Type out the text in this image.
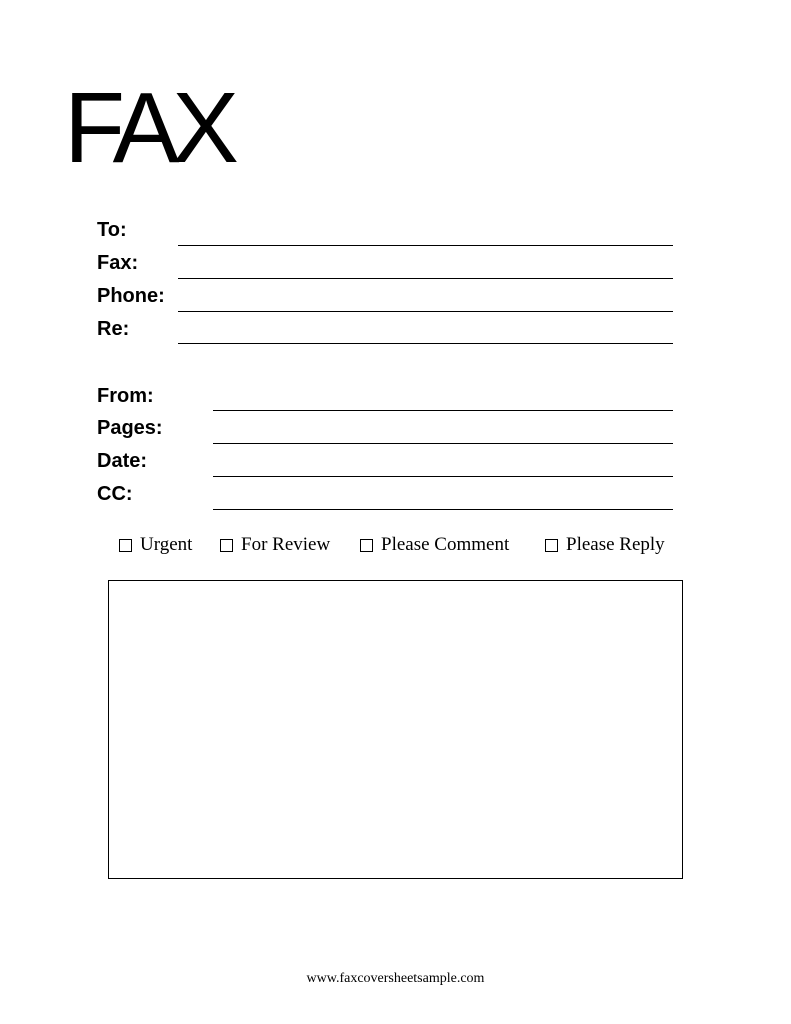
FAX
To:
Fax:
Phone:
Re:
From:
Pages:
Date:
CC:
Urgent	For Review	Please Comment	Please Reply
www.faxcoversheetsample.com
